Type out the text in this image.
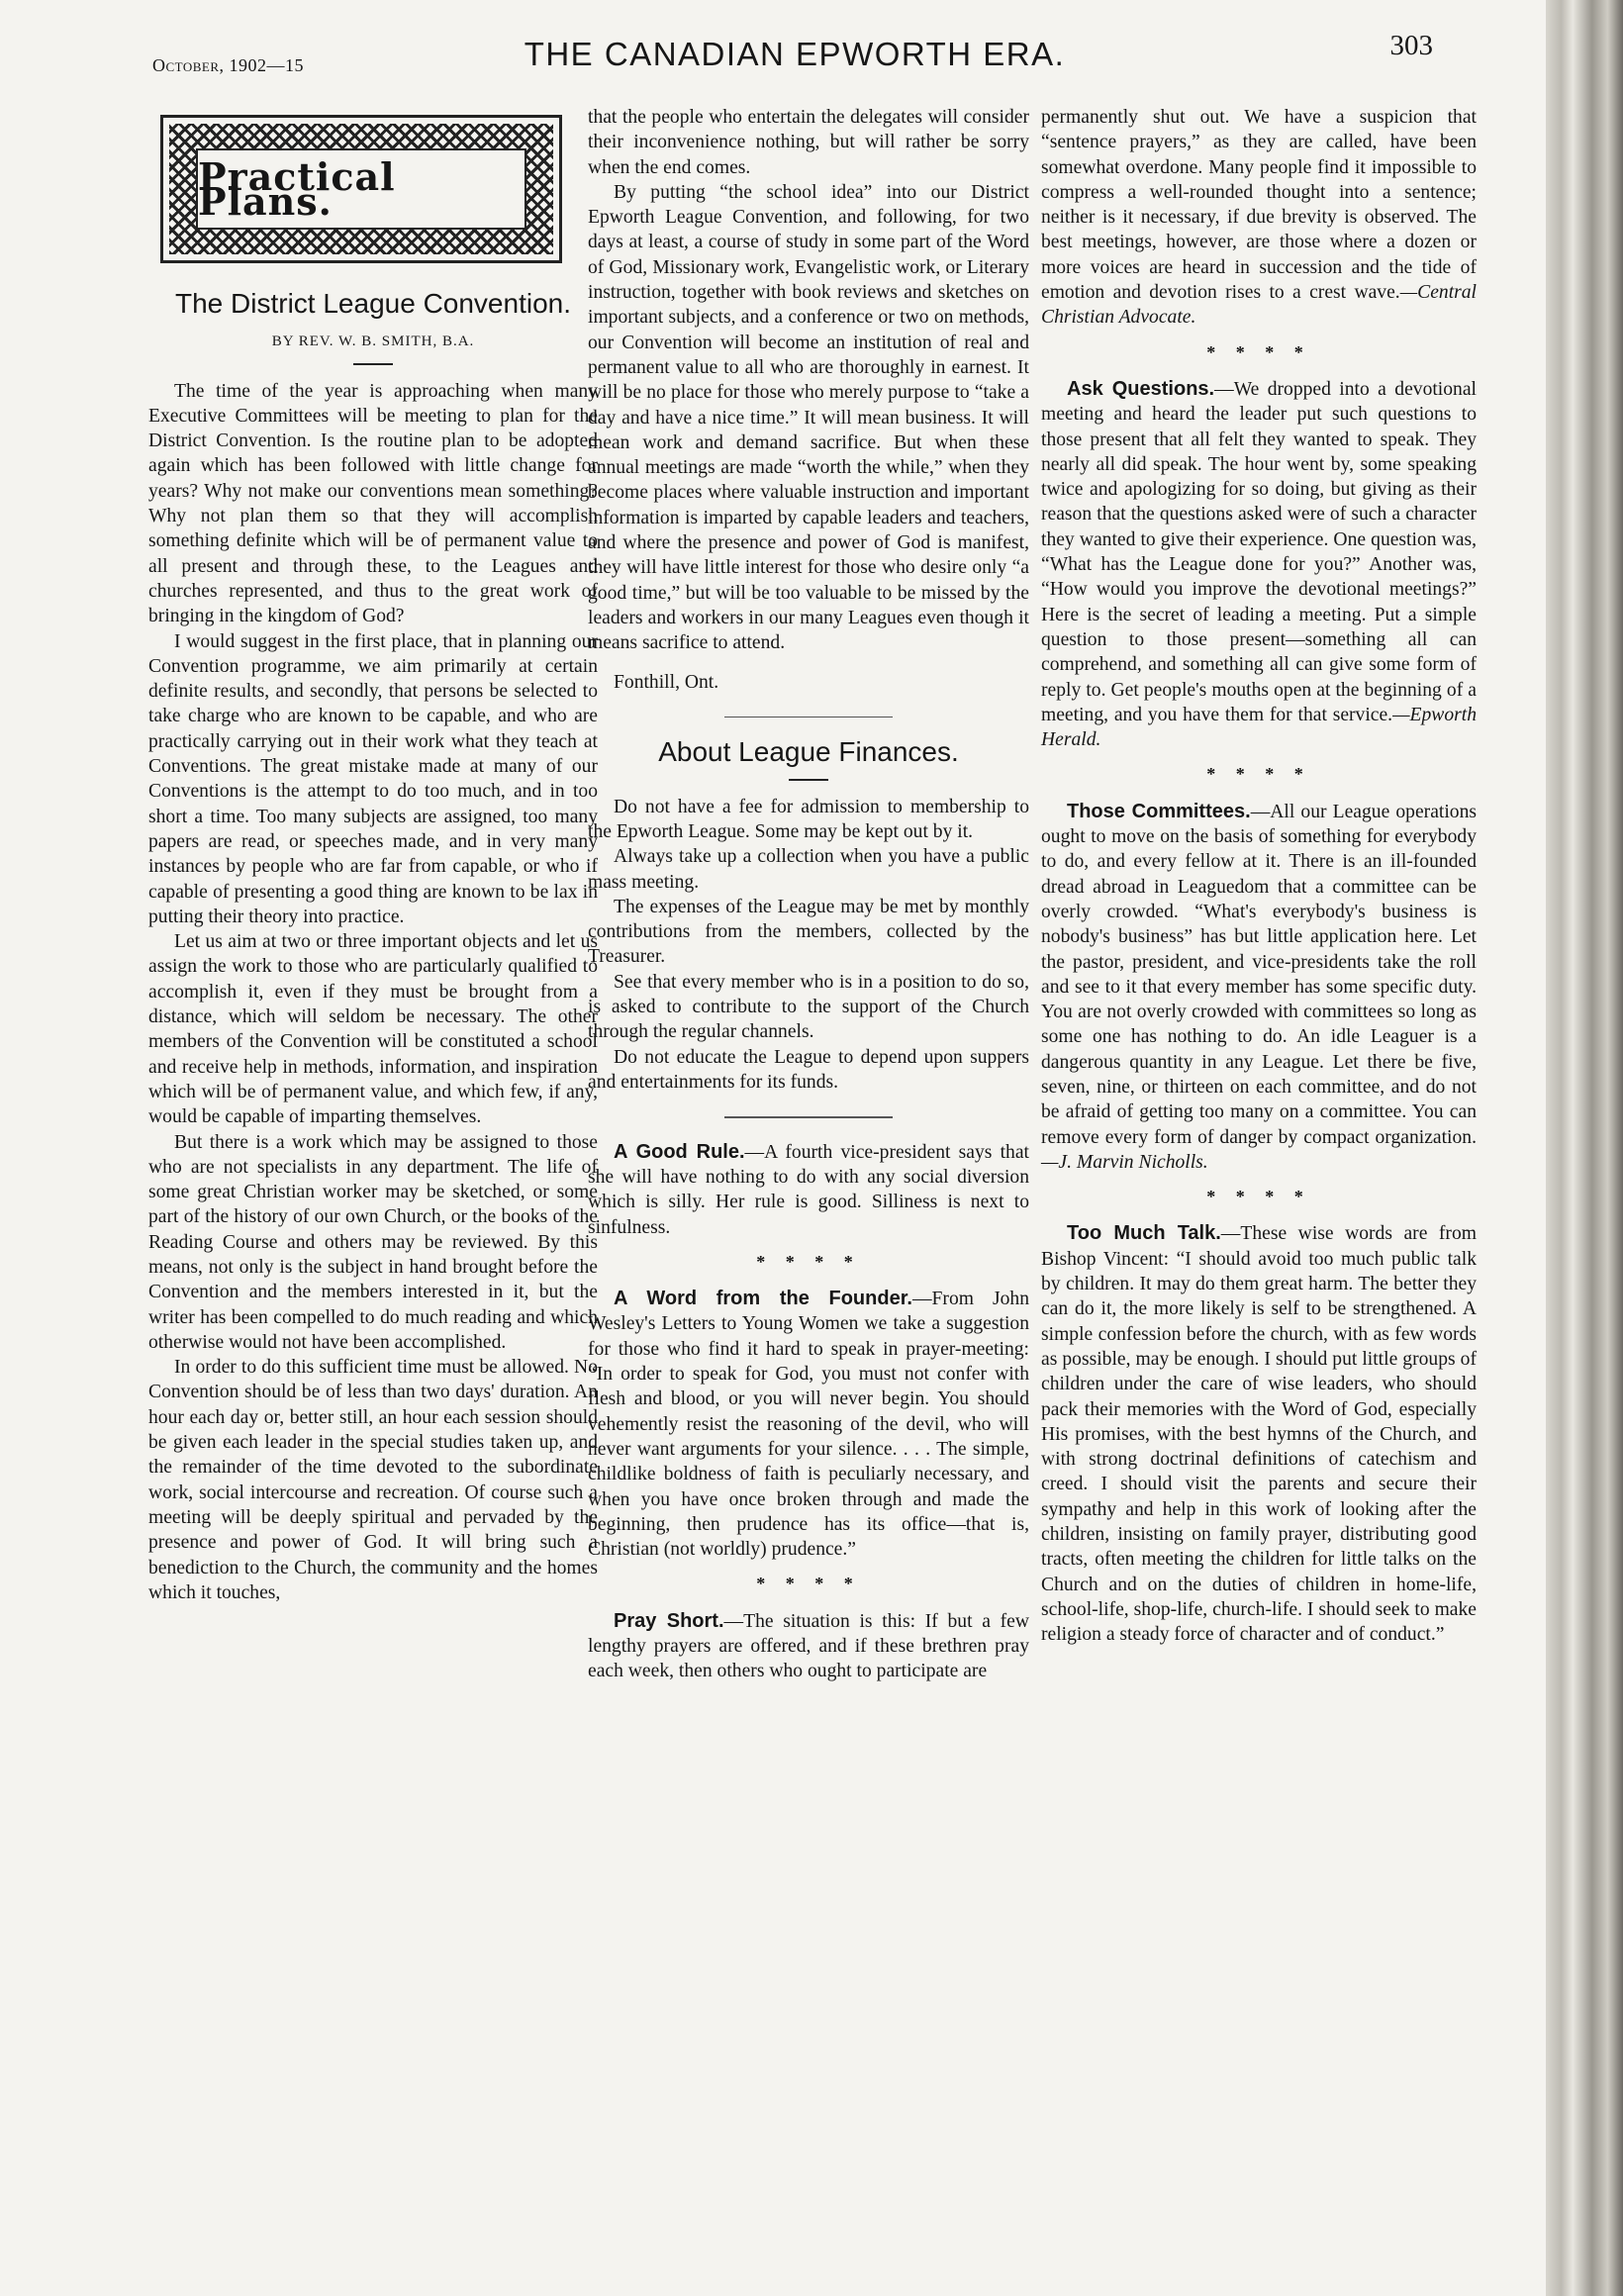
October, 1902—15	THE CANADIAN EPWORTH ERA.	303
Practical Plans.
The District League Convention.
BY REV. W. B. SMITH, B.A.

The time of the year is approaching when many Executive Committees will be meeting to plan for the District Convention. Is the routine plan to be adopted again which has been followed with little change for years? Why not make our conventions mean something? Why not plan them so that they will accomplish something definite which will be of permanent value to all present and through these, to the Leagues and churches represented, and thus to the great work of bringing in the kingdom of God?

I would suggest in the first place, that in planning our Convention programme, we aim primarily at certain definite results, and secondly, that persons be selected to take charge who are known to be capable, and who are practically carrying out in their work what they teach at Conventions. The great mistake made at many of our Conventions is the attempt to do too much, and in too short a time. Too many subjects are assigned, too many papers are read, or speeches made, and in very many instances by people who are far from capable, or who if capable of presenting a good thing are known to be lax in putting their theory into practice.

Let us aim at two or three important objects and let us assign the work to those who are particularly qualified to accomplish it, even if they must be brought from a distance, which will seldom be necessary. The other members of the Convention will be constituted a school and receive help in methods, information, and inspiration which will be of permanent value, and which few, if any, would be capable of imparting themselves.

But there is a work which may be assigned to those who are not specialists in any department. The life of some great Christian worker may be sketched, or some part of the history of our own Church, or the books of the Reading Course and others may be reviewed. By this means, not only is the subject in hand brought before the Convention and the members interested in it, but the writer has been compelled to do much reading and which otherwise would not have been accomplished.

In order to do this sufficient time must be allowed. No Convention should be of less than two days' duration. An hour each day or, better still, an hour each session should be given each leader in the special studies taken up, and the remainder of the time devoted to the subordinate work, social intercourse and recreation. Of course such a meeting will be deeply spiritual and pervaded by the presence and power of God. It will bring such a benediction to the Church, the community and the homes which it touches,

that the people who entertain the delegates will consider their inconvenience nothing, but will rather be sorry when the end comes.

By putting “the school idea” into our District Epworth League Convention, and following, for two days at least, a course of study in some part of the Word of God, Missionary work, Evangelistic work, or Literary instruction, together with book reviews and sketches on important subjects, and a conference or two on methods, our Convention will become an institution of real and permanent value to all who are thoroughly in earnest. It will be no place for those who merely purpose to “take a day and have a nice time.” It will mean business. It will mean work and demand sacrifice. But when these annual meetings are made “worth the while,” when they become places where valuable instruction and important information is imparted by capable leaders and teachers, and where the presence and power of God is manifest, they will have little interest for those who desire only “a good time,” but will be too valuable to be missed by the leaders and workers in our many Leagues even though it means sacrifice to attend.

Fonthill, Ont.

About League Finances.

Do not have a fee for admission to membership to the Epworth League. Some may be kept out by it.

Always take up a collection when you have a public mass meeting.

The expenses of the League may be met by monthly contributions from the members, collected by the Treasurer.

See that every member who is in a position to do so, is asked to contribute to the support of the Church through the regular channels.

Do not educate the League to depend upon suppers and entertainments for its funds.

A Good Rule.—A fourth vice-president says that she will have nothing to do with any social diversion which is silly. Her rule is good. Silliness is next to sinfulness.

* * * *

A Word from the Founder.—From John Wesley's Letters to Young Women we take a suggestion for those who find it hard to speak in prayer-meeting: “In order to speak for God, you must not confer with flesh and blood, or you will never begin. You should vehemently resist the reasoning of the devil, who will never want arguments for your silence. . . . The simple, childlike boldness of faith is peculiarly necessary, and when you have once broken through and made the beginning, then prudence has its office—that is, Christian (not worldly) prudence.”

* * * *

Pray Short.—The situation is this: If but a few lengthy prayers are offered, and if these brethren pray each week, then others who ought to participate are

permanently shut out. We have a suspicion that “sentence prayers,” as they are called, have been somewhat overdone. Many people find it impossible to compress a well-rounded thought into a sentence; neither is it necessary, if due brevity is observed. The best meetings, however, are those where a dozen or more voices are heard in succession and the tide of emotion and devotion rises to a crest wave.—Central Christian Advocate.

* * * *

Ask Questions.—We dropped into a devotional meeting and heard the leader put such questions to those present that all felt they wanted to speak. They nearly all did speak. The hour went by, some speaking twice and apologizing for so doing, but giving as their reason that the questions asked were of such a character they wanted to give their experience. One question was, “What has the League done for you?” Another was, “How would you improve the devotional meetings?” Here is the secret of leading a meeting. Put a simple question to those present—something all can comprehend, and something all can give some form of reply to. Get people's mouths open at the beginning of a meeting, and you have them for that service.—Epworth Herald.

* * * *

Those Committees.—All our League operations ought to move on the basis of something for everybody to do, and every fellow at it. There is an ill-founded dread abroad in Leaguedom that a committee can be overly crowded. “What's everybody's business is nobody's business” has but little application here. Let the pastor, president, and vice-presidents take the roll and see to it that every member has some specific duty. You are not overly crowded with committees so long as some one has nothing to do. An idle Leaguer is a dangerous quantity in any League. Let there be five, seven, nine, or thirteen on each committee, and do not be afraid of getting too many on a committee. You can remove every form of danger by compact organization.—J. Marvin Nicholls.

* * * *

Too Much Talk.—These wise words are from Bishop Vincent: “I should avoid too much public talk by children. It may do them great harm. The better they can do it, the more likely is self to be strengthened. A simple confession before the church, with as few words as possible, may be enough. I should put little groups of children under the care of wise leaders, who should pack their memories with the Word of God, especially His promises, with the best hymns of the Church, and with strong doctrinal definitions of catechism and creed. I should visit the parents and secure their sympathy and help in this work of looking after the children, insisting on family prayer, distributing good tracts, often meeting the children for little talks on the Church and on the duties of children in home-life, school-life, shop-life, church-life. I should seek to make religion a steady force of character and of conduct.”
